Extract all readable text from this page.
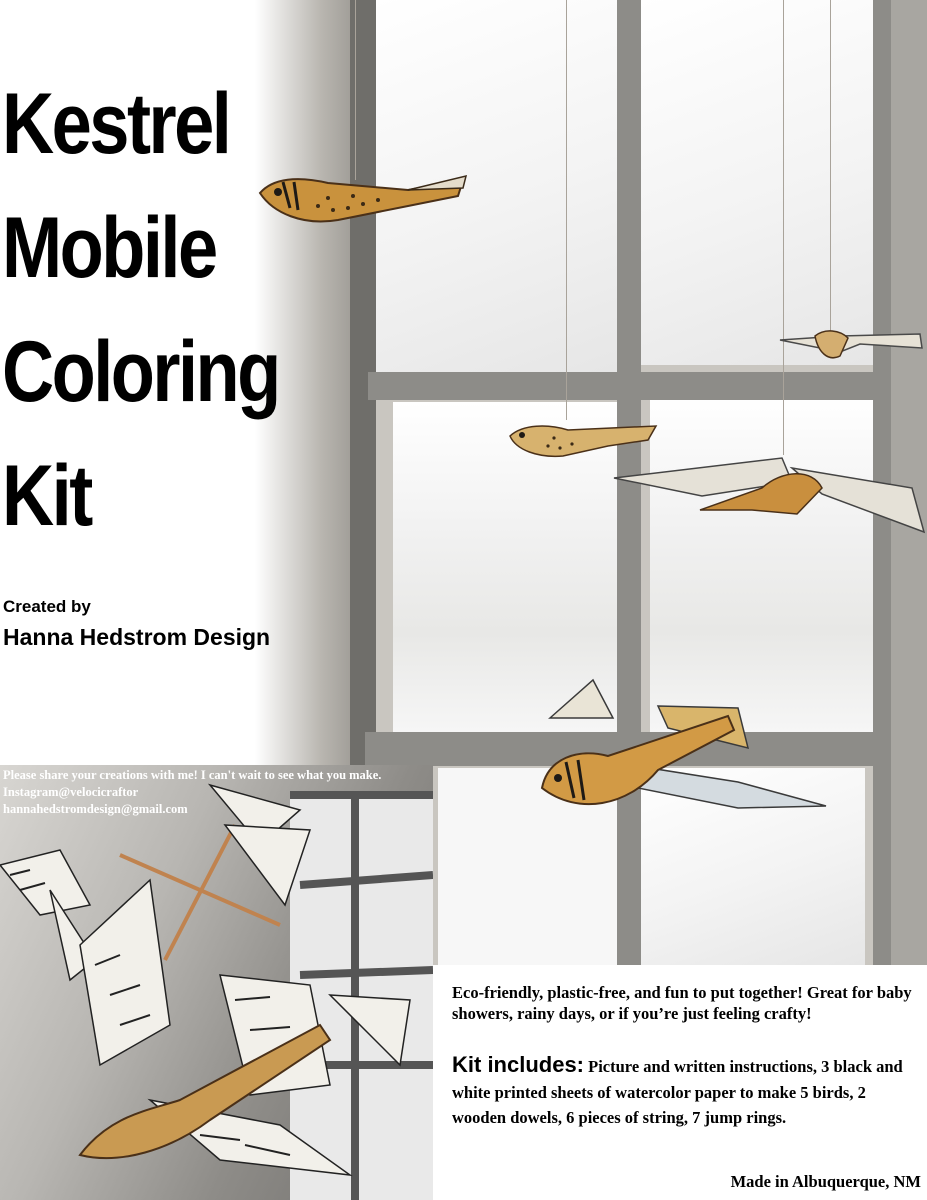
Kestrel
Mobile
Coloring
Kit
Created by
Hanna Hedstrom Design
Please share your creations with me! I can't wait to see what you make.
Instagram@velocicraftor
hannahedstromdesign@gmail.com
Eco-friendly, plastic-free, and fun to put together! Great for baby showers, rainy days, or if you’re just feeling crafty!
Kit includes: Picture and written instructions, 3 black and white printed sheets of watercolor paper to make 5 birds, 2 wooden dowels, 6 pieces of string, 7 jump rings.
Made in Albuquerque, NM
